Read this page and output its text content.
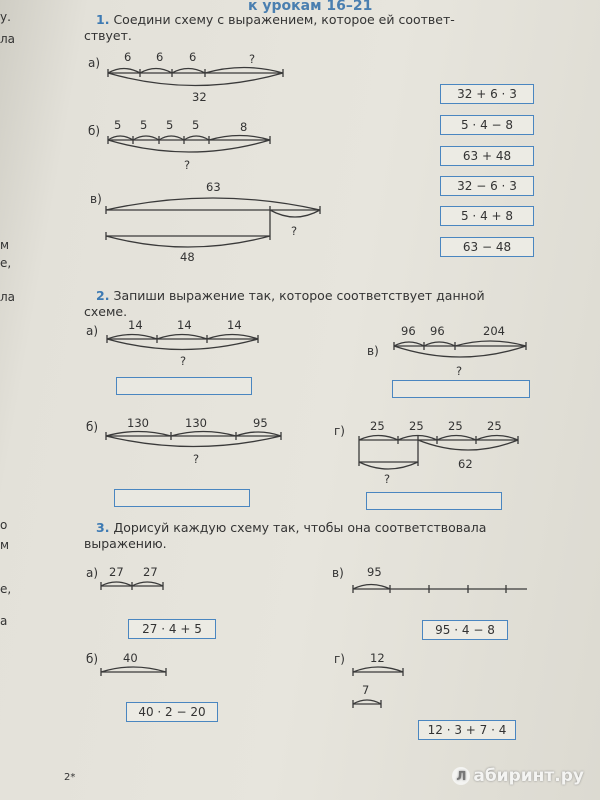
к урокам 16–21
у.
ла
м
е,
ла
о
м
е,
а
1. Соедини схему с выражением, которое ей соответ-
ствует.
а) 6 6 6	?
32
б) 5 5 5 5	8
?
в)
63
?
48
32 + 6 · 3
5 · 4 − 8
63 + 48
32 − 6 · 3
5 · 4 + 8
63 − 48
2. Запиши выражение так, которое соответствует данной
схеме.
а)	14	14	14
?
в)
96 96	204
?
б)	130	130	95
?
г) 25 25 25 25
62
?
3. Дорисуй каждую схему так, чтобы она соответствовала
выражению.
а) 27 27
27 · 4 + 5
в) 95
95 · 4 − 8
б) 40
40 · 2 − 20
г) 12
7
12 · 3 + 7 · 4
2*	Л абиринт.ру
